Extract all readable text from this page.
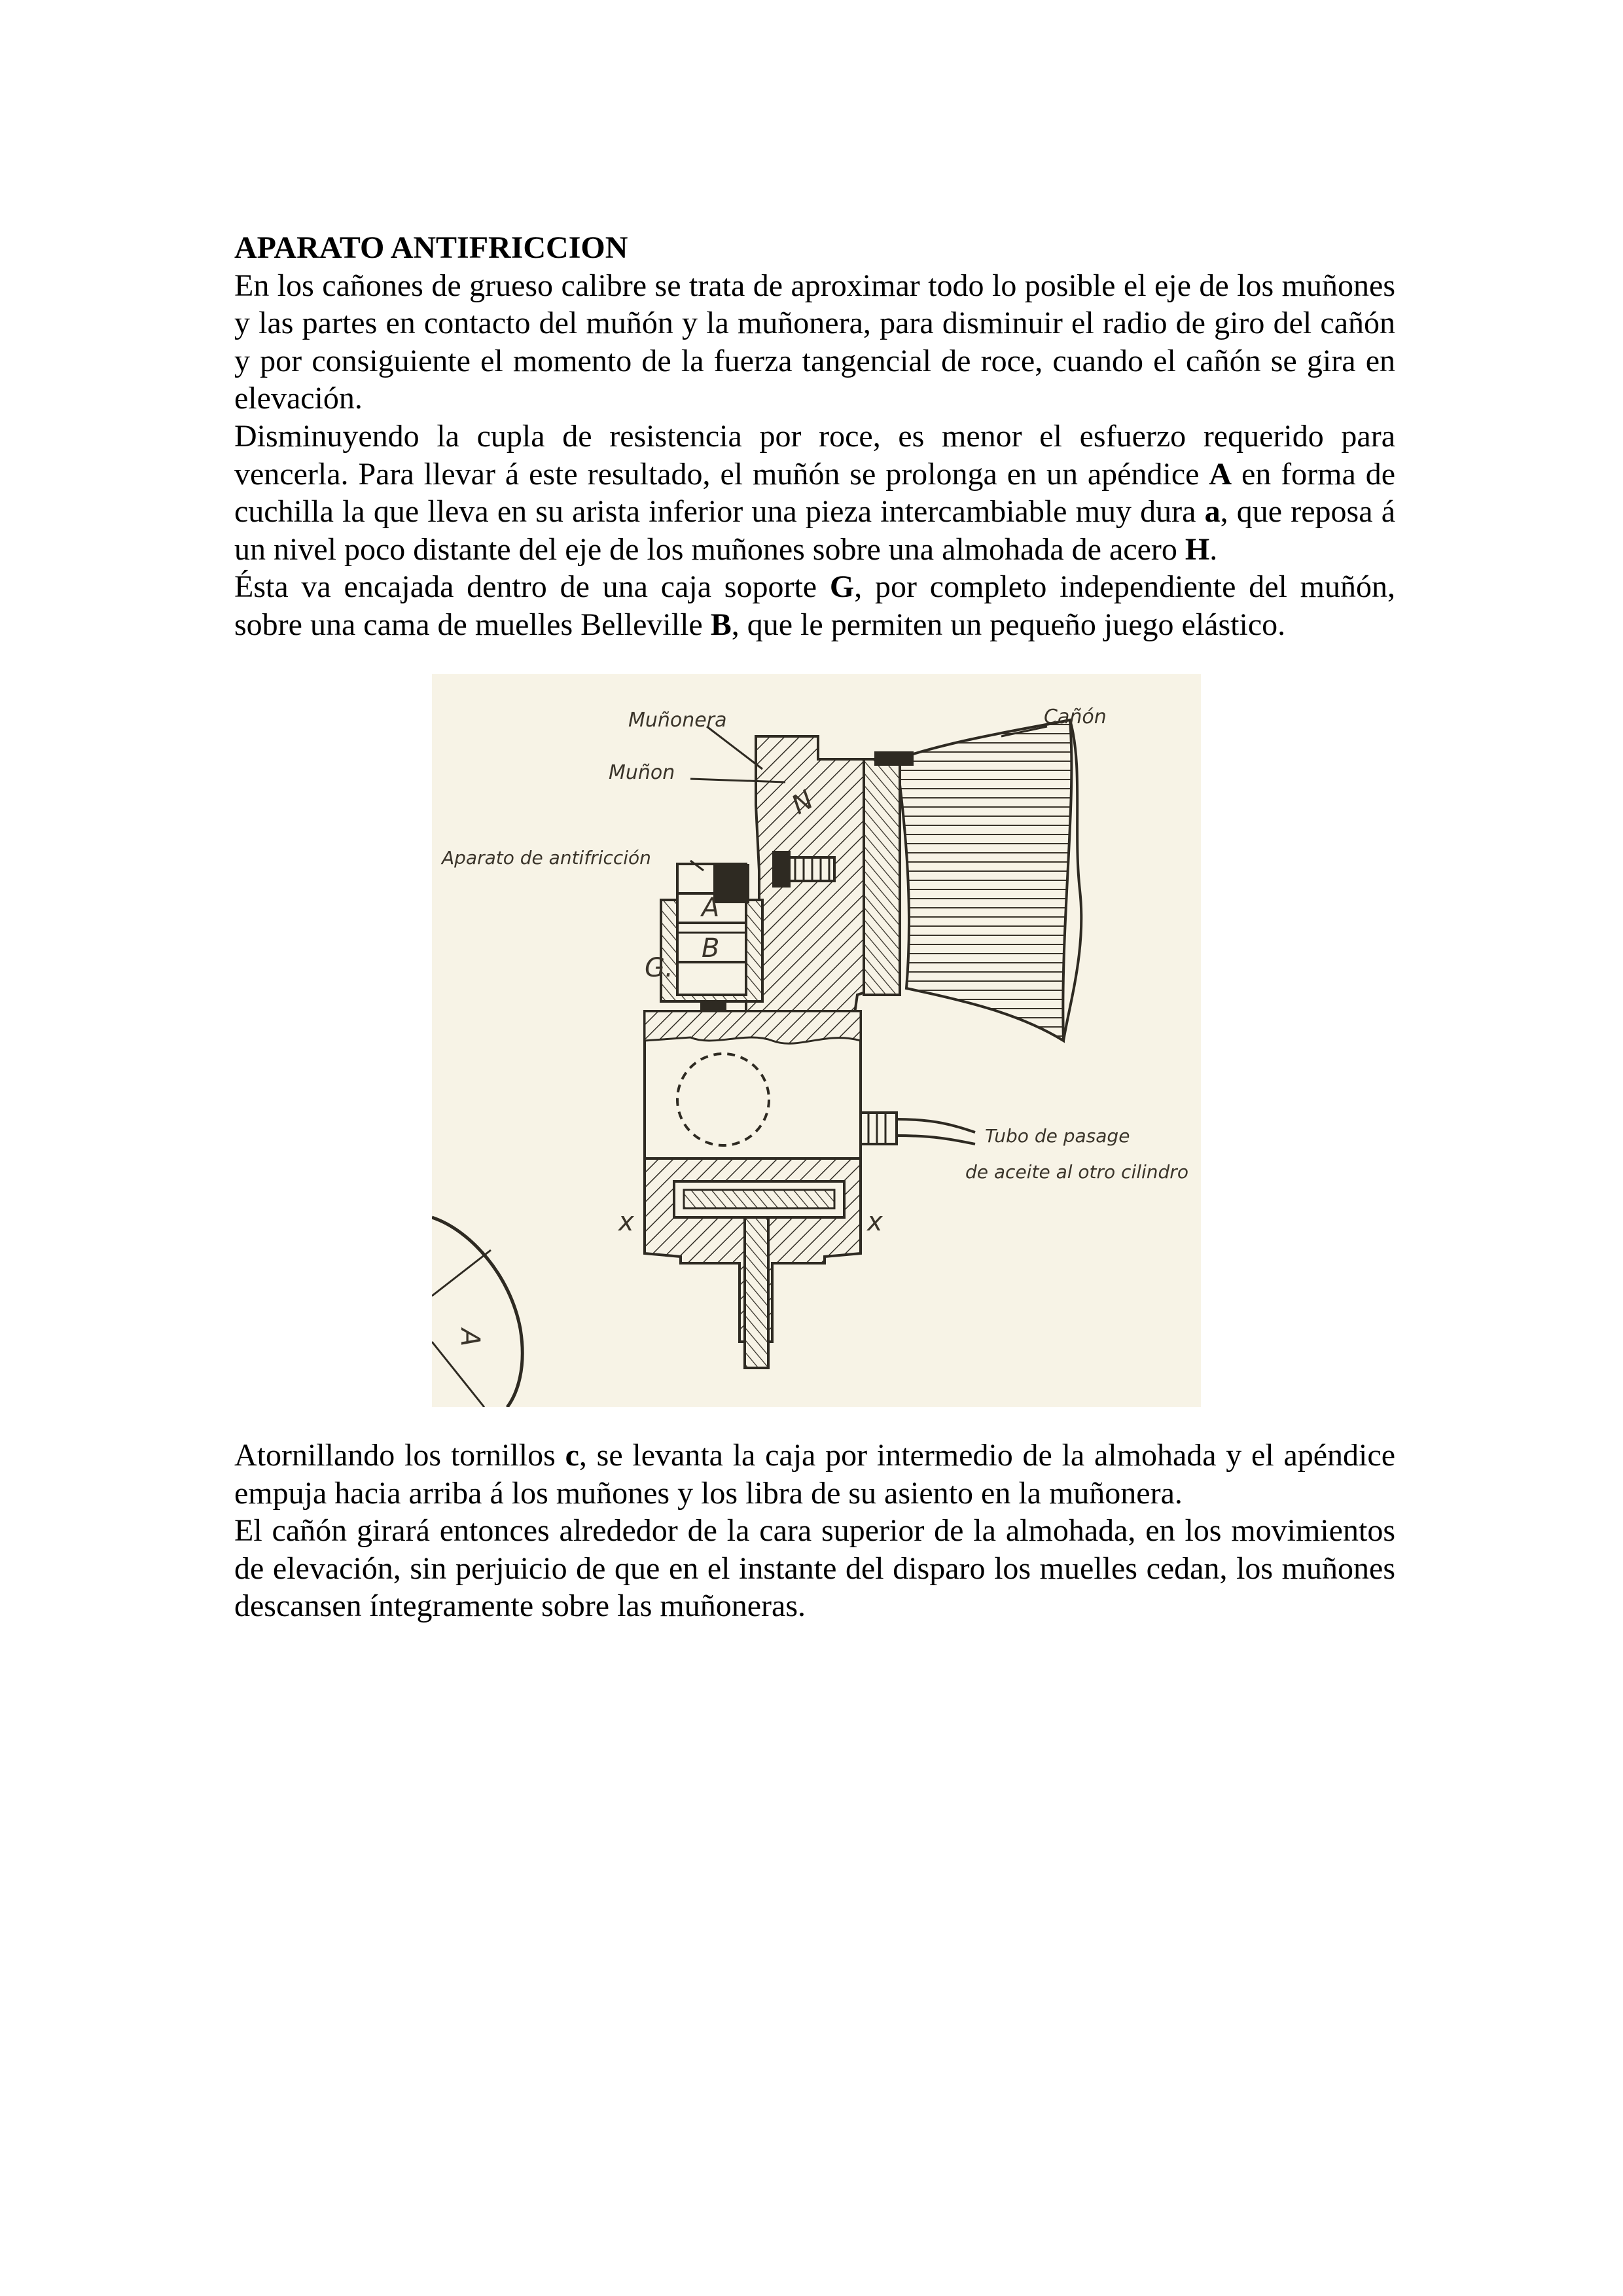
APARATO ANTIFRICCION

En los cañones de grueso calibre se trata de aproximar todo lo posible el eje de los muñones y las partes en contacto del muñón y la muñonera, para disminuir el radio de giro del cañón y por consiguiente el momento de la fuerza tangencial de roce, cuando el cañón se gira en elevación.

Disminuyendo la cupla de resistencia por roce, es menor el esfuerzo requerido para vencerla. Para llevar á este resultado, el muñón se prolonga en un apéndice A en forma de cuchilla la que lleva en su arista inferior una pieza intercambiable muy dura a, que reposa á un nivel poco distante del eje de los muñones sobre una almohada de acero H.

Ésta va encajada dentro de una caja soporte G, por completo independiente del muñón, sobre una cama de muelles Belleville B, que le permiten un pequeño juego elástico.

N
A
B
G.
x	x
A
Muñonera
Muñon
Cañón
Aparato de antifricción
Tubo de pasage
de aceite al otro cilindro

Atornillando los tornillos c, se levanta la caja por intermedio de la almohada y el apéndice empuja hacia arriba á los muñones y los libra de su asiento en la muñonera.

El cañón girará entonces alrededor de la cara superior de la almohada, en los movimientos de elevación, sin perjuicio de que en el instante del disparo los muelles cedan, los muñones descansen íntegramente sobre las muñoneras.
